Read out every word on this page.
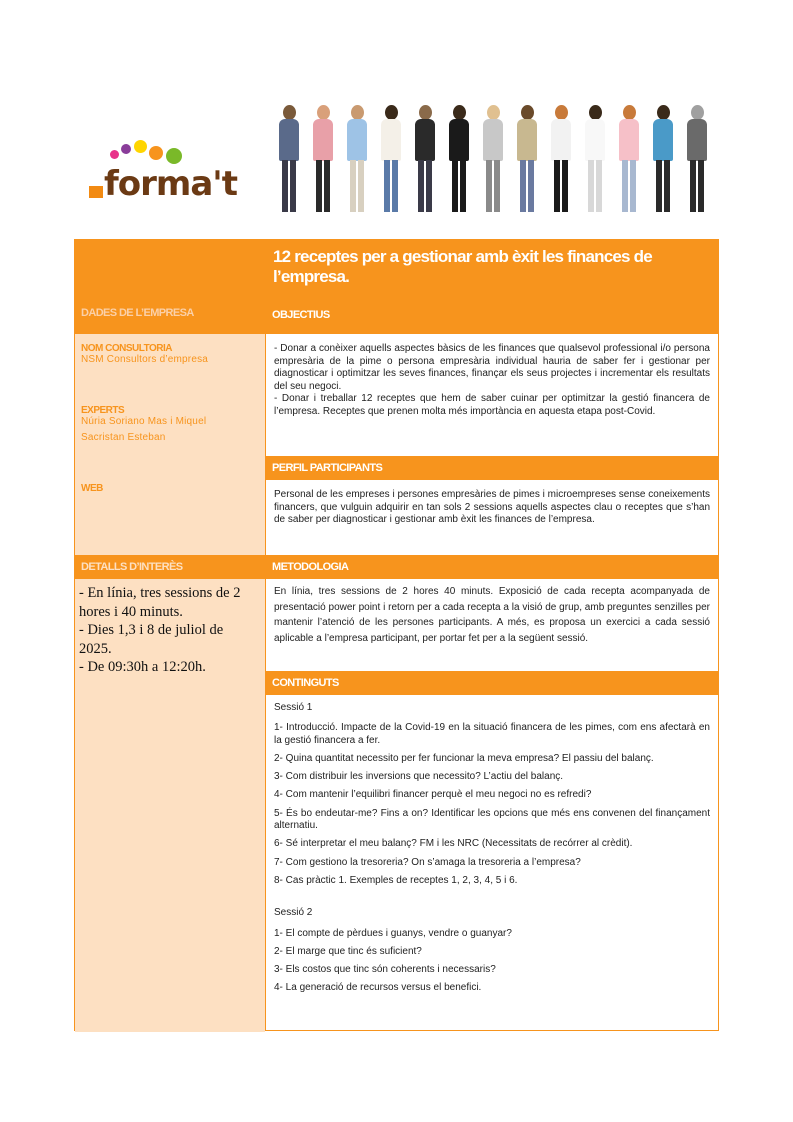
forma't
DADES DE L’EMPRESA
NOM CONSULTORIA
NSM Consultors d’empresa
EXPERTS
Núria Soriano Mas i Miquel
Sacristan Esteban
WEB
DETALLS D’INTERÈS
- En línia, tres sessions de 2
hores i 40 minuts.
- Dies 1,3 i 8 de juliol de
2025.
- De 09:30h a 12:20h.
12 receptes per a gestionar amb èxit les finances de l’empresa.
OBJECTIUS
- Donar a conèixer aquells aspectes bàsics de les finances que qualsevol professional i/o persona empresària de la pime o persona empresària individual hauria de saber fer i gestionar per diagnosticar i optimitzar les seves finances, finançar els seus projectes i incrementar els resultats del seu negoci.
- Donar i treballar 12 receptes que hem de saber cuinar per optimitzar la gestió financera de l’empresa. Receptes que prenen molta més importància en aquesta etapa post-Covid.
PERFIL PARTICIPANTS
Personal de les empreses i persones empresàries de pimes i microempreses sense coneixements financers, que vulguin adquirir en tan sols 2 sessions aquells aspectes clau o receptes que s’han de saber per diagnosticar i gestionar amb èxit les finances de l’empresa.
METODOLOGIA
En línia, tres sessions de 2 hores 40 minuts. Exposició de cada recepta acompanyada de presentació power point i retorn per a cada recepta a la visió de grup, amb preguntes senzilles per mantenir l’atenció de les persones participants. A més, es proposa un exercici a cada sessió aplicable a l’empresa participant, per portar fet per a la següent sessió.
CONTINGUTS
Sessió 1
1- Introducció. Impacte de la Covid-19 en la situació financera de les pimes, com ens afectarà en la gestió financera a fer.
2- Quina quantitat necessito per fer funcionar la meva empresa? El passiu del balanç.
3- Com distribuir les inversions que necessito? L’actiu del balanç.
4- Com mantenir l’equilibri financer perquè el meu negoci no es refredi?
5- És bo endeutar-me? Fins a on? Identificar les opcions que més ens convenen del finançament alternatiu.
6- Sé interpretar el meu balanç? FM i les NRC (Necessitats de recórrer al crèdit).
7- Com gestiono la tresoreria? On s’amaga la tresoreria a l’empresa?
8- Cas pràctic 1. Exemples de receptes 1, 2, 3, 4, 5 i 6.
Sessió 2
1- El compte de pèrdues i guanys, vendre o guanyar?
2- El marge que tinc és suficient?
3- Els costos que tinc són coherents i necessaris?
4- La generació de recursos versus el benefici.
